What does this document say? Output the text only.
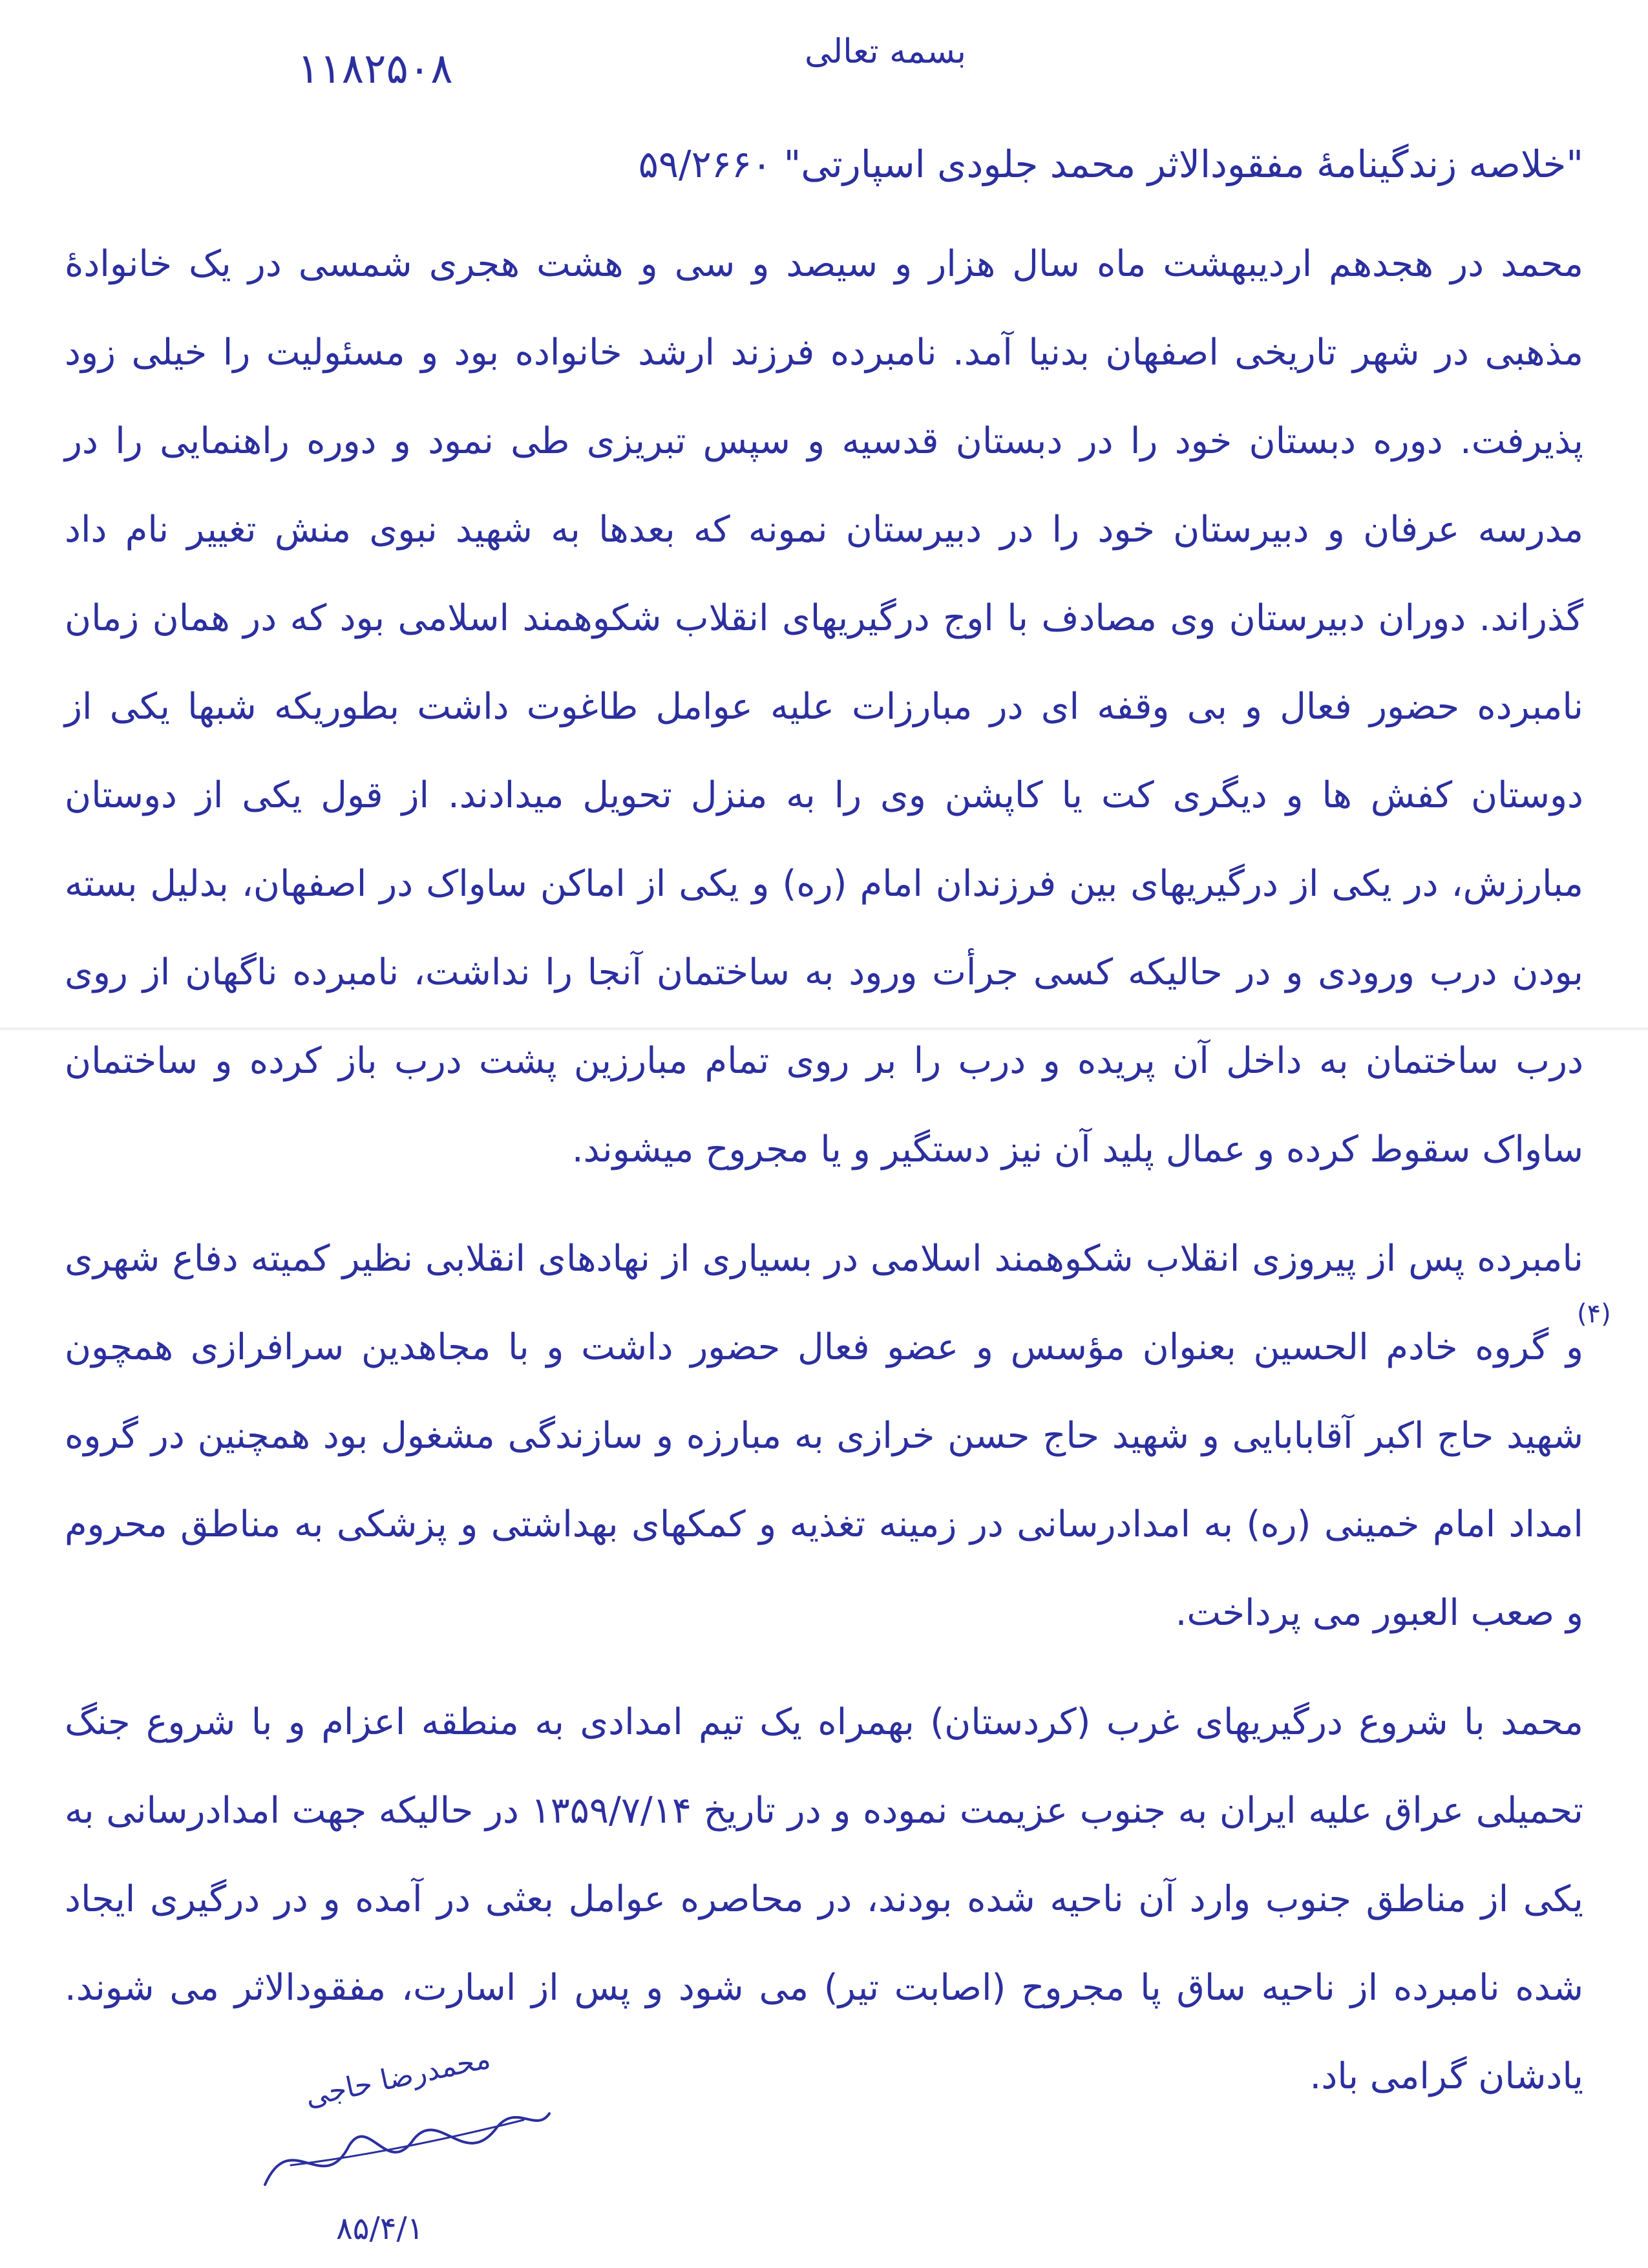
۱۱۸۲۵۰۸	بسمه تعالی
"خلاصه زندگینامهٔ مفقودالاثر محمد جلودی اسپارتی" ۵۹/۲۶۶۰

محمد در هجدهم اردیبهشت ماه سال هزار و سیصد و سی و هشت هجری شمسی در یک خانوادهٔ مذهبی در شهر تاریخی اصفهان بدنیا آمد. نامبرده فرزند ارشد خانواده بود و مسئولیت را خیلی زود پذیرفت. دوره دبستان خود را در دبستان قدسیه و سپس تبریزی طی نمود و دوره راهنمایی را در مدرسه عرفان و دبیرستان خود را در دبیرستان نمونه که بعدها به شهید نبوی منش تغییر نام داد گذراند. دوران دبیرستان وی مصادف با اوج درگیریهای انقلاب شکوهمند اسلامی بود که در همان زمان نامبرده حضور فعال و بی وقفه ای در مبارزات علیه عوامل طاغوت داشت بطوریکه شبها یکی از دوستان کفش ها و دیگری کت یا کاپشن وی را به منزل تحویل میدادند. از قول یکی از دوستان مبارزش، در یکی از درگیریهای بین فرزندان امام (ره) و یکی از اماکن ساواک در اصفهان، بدلیل بسته بودن درب ورودی و در حالیکه کسی جرأت ورود به ساختمان آنجا را نداشت، نامبرده ناگهان از روی درب ساختمان به داخل آن پریده و درب را بر روی تمام مبارزین پشت درب باز کرده و ساختمان ساواک سقوط کرده و عمال پلید آن نیز دستگیر و یا مجروح میشوند.

نامبرده پس از پیروزی انقلاب شکوهمند اسلامی در بسیاری از نهادهای انقلابی نظیر کمیته دفاع شهری و گروه خادم الحسین بعنوان مؤسس و عضو فعال حضور داشت و با مجاهدین سرافرازی همچون شهید حاج اکبر آقابابایی و شهید حاج حسن خرازی به مبارزه و سازندگی مشغول بود همچنین در گروه امداد امام خمینی (ره) به امدادرسانی در زمینه تغذیه و کمکهای بهداشتی و پزشکی به مناطق محروم و صعب العبور می پرداخت.

محمد با شروع درگیریهای غرب (کردستان) بهمراه یک تیم امدادی به منطقه اعزام و با شروع جنگ تحمیلی عراق علیه ایران به جنوب عزیمت نموده و در تاریخ ۱۳۵۹/۷/۱۴ در حالیکه جهت امدادرسانی به یکی از مناطق جنوب وارد آن ناحیه شده بودند، در محاصره عوامل بعثی در آمده و در درگیری ایجاد شده نامبرده از ناحیه ساق پا مجروح (اصابت تیر) می شود و پس از اسارت، مفقودالاثر می شوند. یادشان گرامی باد.

(۴)
محمدرضا حاجی
۸۵/۴/۱
